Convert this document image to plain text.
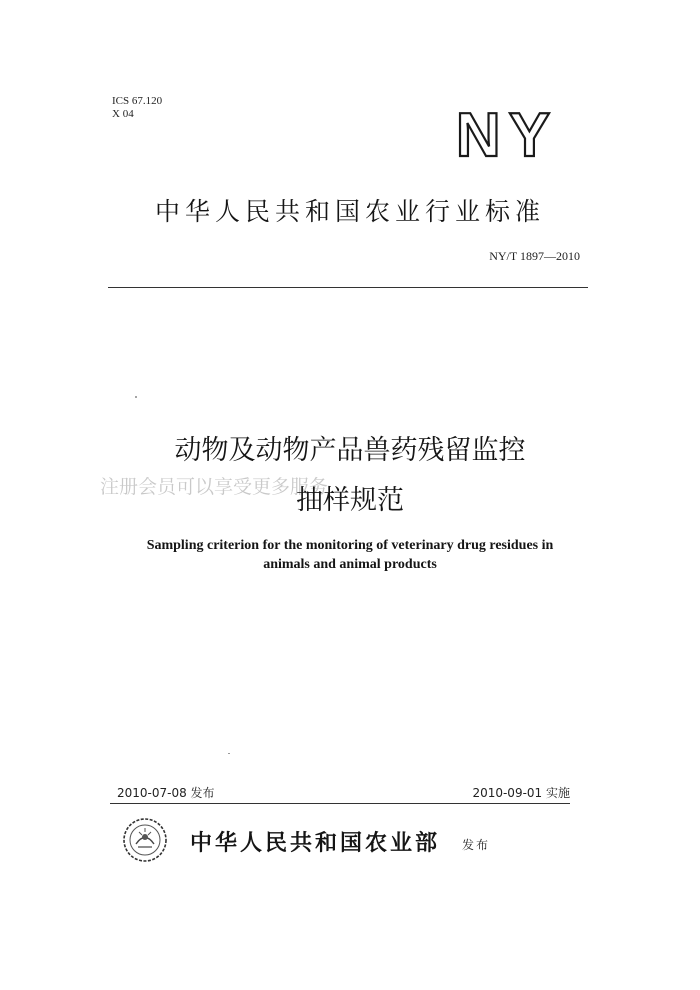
ICS 67.120
X 04	NY
中华人民共和国农业行业标准
NY/T 1897—2010
注册会员可以享受更多服务
动物及动物产品兽药残留监控
抽样规范
Sampling criterion for the monitoring of veterinary drug residues in
animals and animal products
2010-07-08 发布	2010-09-01 实施
中华人民共和国农业部 发布
